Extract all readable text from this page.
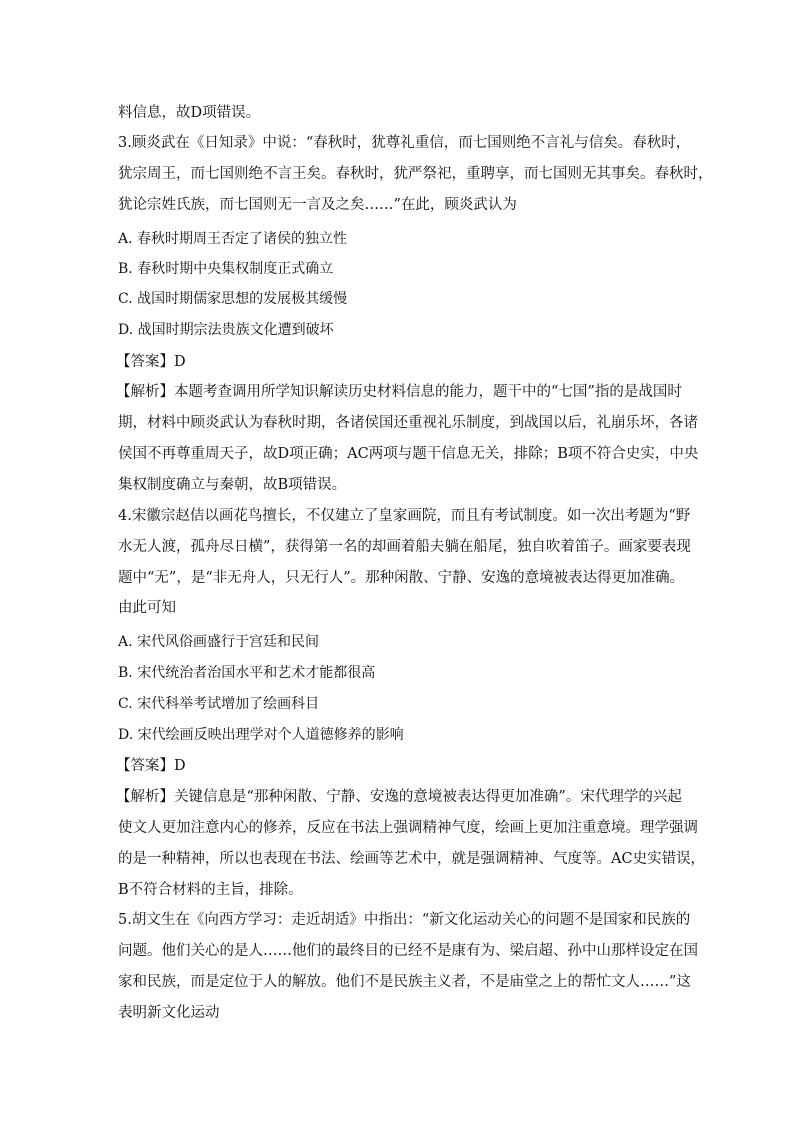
料信息，故D项错误。
3.顾炎武在《日知录》中说：“春秋时，犹尊礼重信，而七国则绝不言礼与信矣。春秋时，
犹宗周王，而七国则绝不言王矣。春秋时，犹严祭祀，重聘享，而七国则无其事矣。春秋时，
犹论宗姓氏族，而七国则无一言及之矣……”在此，顾炎武认为
A. 春秋时期周王否定了诸侯的独立性
B. 春秋时期中央集权制度正式确立
C. 战国时期儒家思想的发展极其缓慢
D. 战国时期宗法贵族文化遭到破坏
【答案】D
【解析】本题考查调用所学知识解读历史材料信息的能力，题干中的“七国”指的是战国时
期，材料中顾炎武认为春秋时期，各诸侯国还重视礼乐制度，到战国以后，礼崩乐坏，各诸
侯国不再尊重周天子，故D项正确；AC两项与题干信息无关，排除；B项不符合史实，中央
集权制度确立与秦朝，故B项错误。
4.宋徽宗赵佶以画花鸟擅长，不仅建立了皇家画院，而且有考试制度。如一次出考题为“野
水无人渡，孤舟尽日横”，获得第一名的却画着船夫躺在船尾，独自吹着笛子。画家要表现
题中“无”，是“非无舟人，只无行人”。那种闲散、宁静、安逸的意境被表达得更加准确。
由此可知
A. 宋代风俗画盛行于宫廷和民间
B. 宋代统治者治国水平和艺术才能都很高
C. 宋代科举考试增加了绘画科目
D. 宋代绘画反映出理学对个人道德修养的影响
【答案】D
【解析】关键信息是“那种闲散、宁静、安逸的意境被表达得更加准确”。宋代理学的兴起
使文人更加注意内心的修养，反应在书法上强调精神气度，绘画上更加注重意境。理学强调
的是一种精神，所以也表现在书法、绘画等艺术中，就是强调精神、气度等。AC史实错误，
B不符合材料的主旨，排除。
5.胡文生在《向西方学习：走近胡适》中指出：“新文化运动关心的问题不是国家和民族的
问题。他们关心的是人……他们的最终目的已经不是康有为、梁启超、孙中山那样设定在国
家和民族，而是定位于人的解放。他们不是民族主义者，不是庙堂之上的帮忙文人……”这
表明新文化运动
